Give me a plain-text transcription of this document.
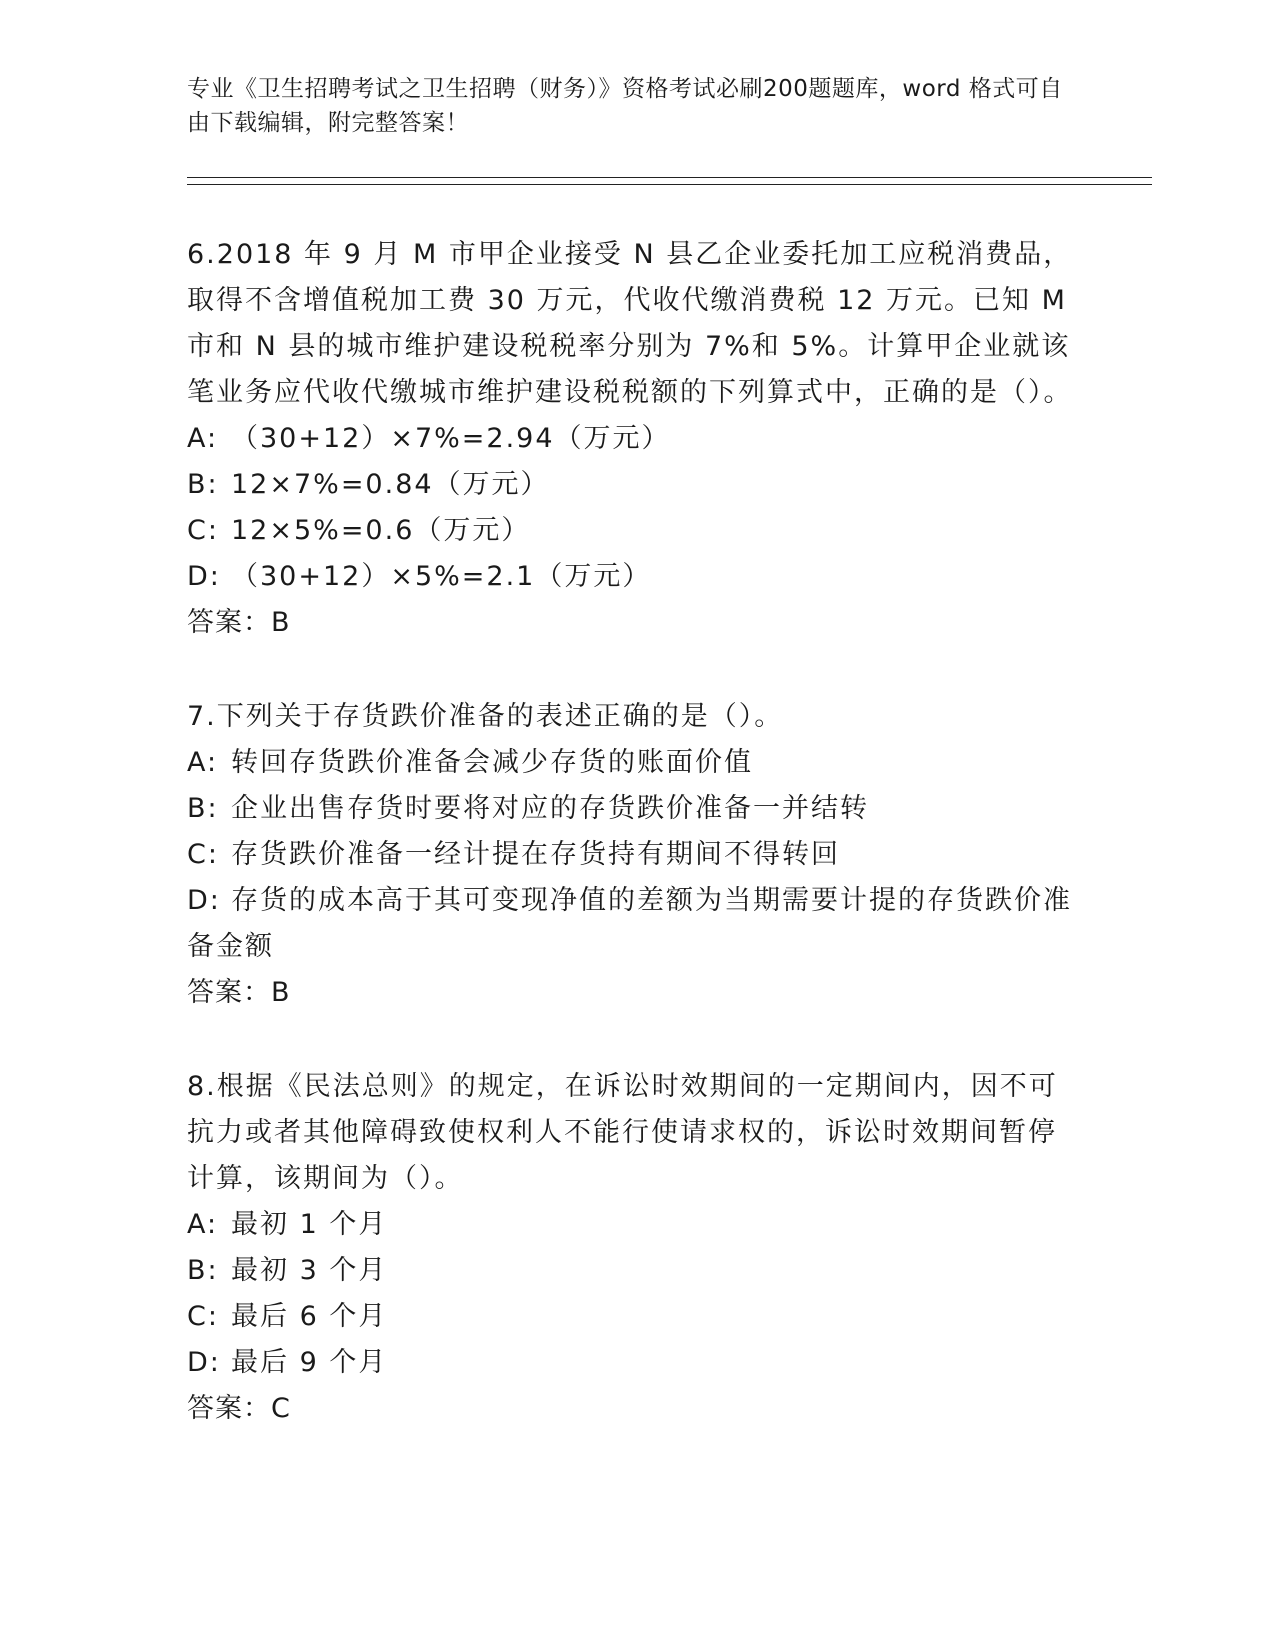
专业《卫生招聘考试之卫生招聘（财务）》资格考试必刷200题题库，word 格式可自由下载编辑，附完整答案！

6.2018 年 9 月 M 市甲企业接受 N 县乙企业委托加工应税消费品，取得不含增值税加工费 30 万元，代收代缴消费税 12 万元。已知 M 市和 N 县的城市维护建设税税率分别为 7%和 5%。计算甲企业就该笔业务应代收代缴城市维护建设税税额的下列算式中，正确的是（）。

A: （30+12）×7%=2.94（万元）

B: 12×7%=0.84（万元）

C: 12×5%=0.6（万元）

D: （30+12）×5%=2.1（万元）

答案：B

7.下列关于存货跌价准备的表述正确的是（）。

A: 转回存货跌价准备会减少存货的账面价值

B: 企业出售存货时要将对应的存货跌价准备一并结转

C: 存货跌价准备一经计提在存货持有期间不得转回

D: 存货的成本高于其可变现净值的差额为当期需要计提的存货跌价准备金额

答案：B

8.根据《民法总则》的规定，在诉讼时效期间的一定期间内，因不可抗力或者其他障碍致使权利人不能行使请求权的，诉讼时效期间暂停计算，该期间为（）。

A: 最初 1 个月

B: 最初 3 个月

C: 最后 6 个月

D: 最后 9 个月

答案：C
